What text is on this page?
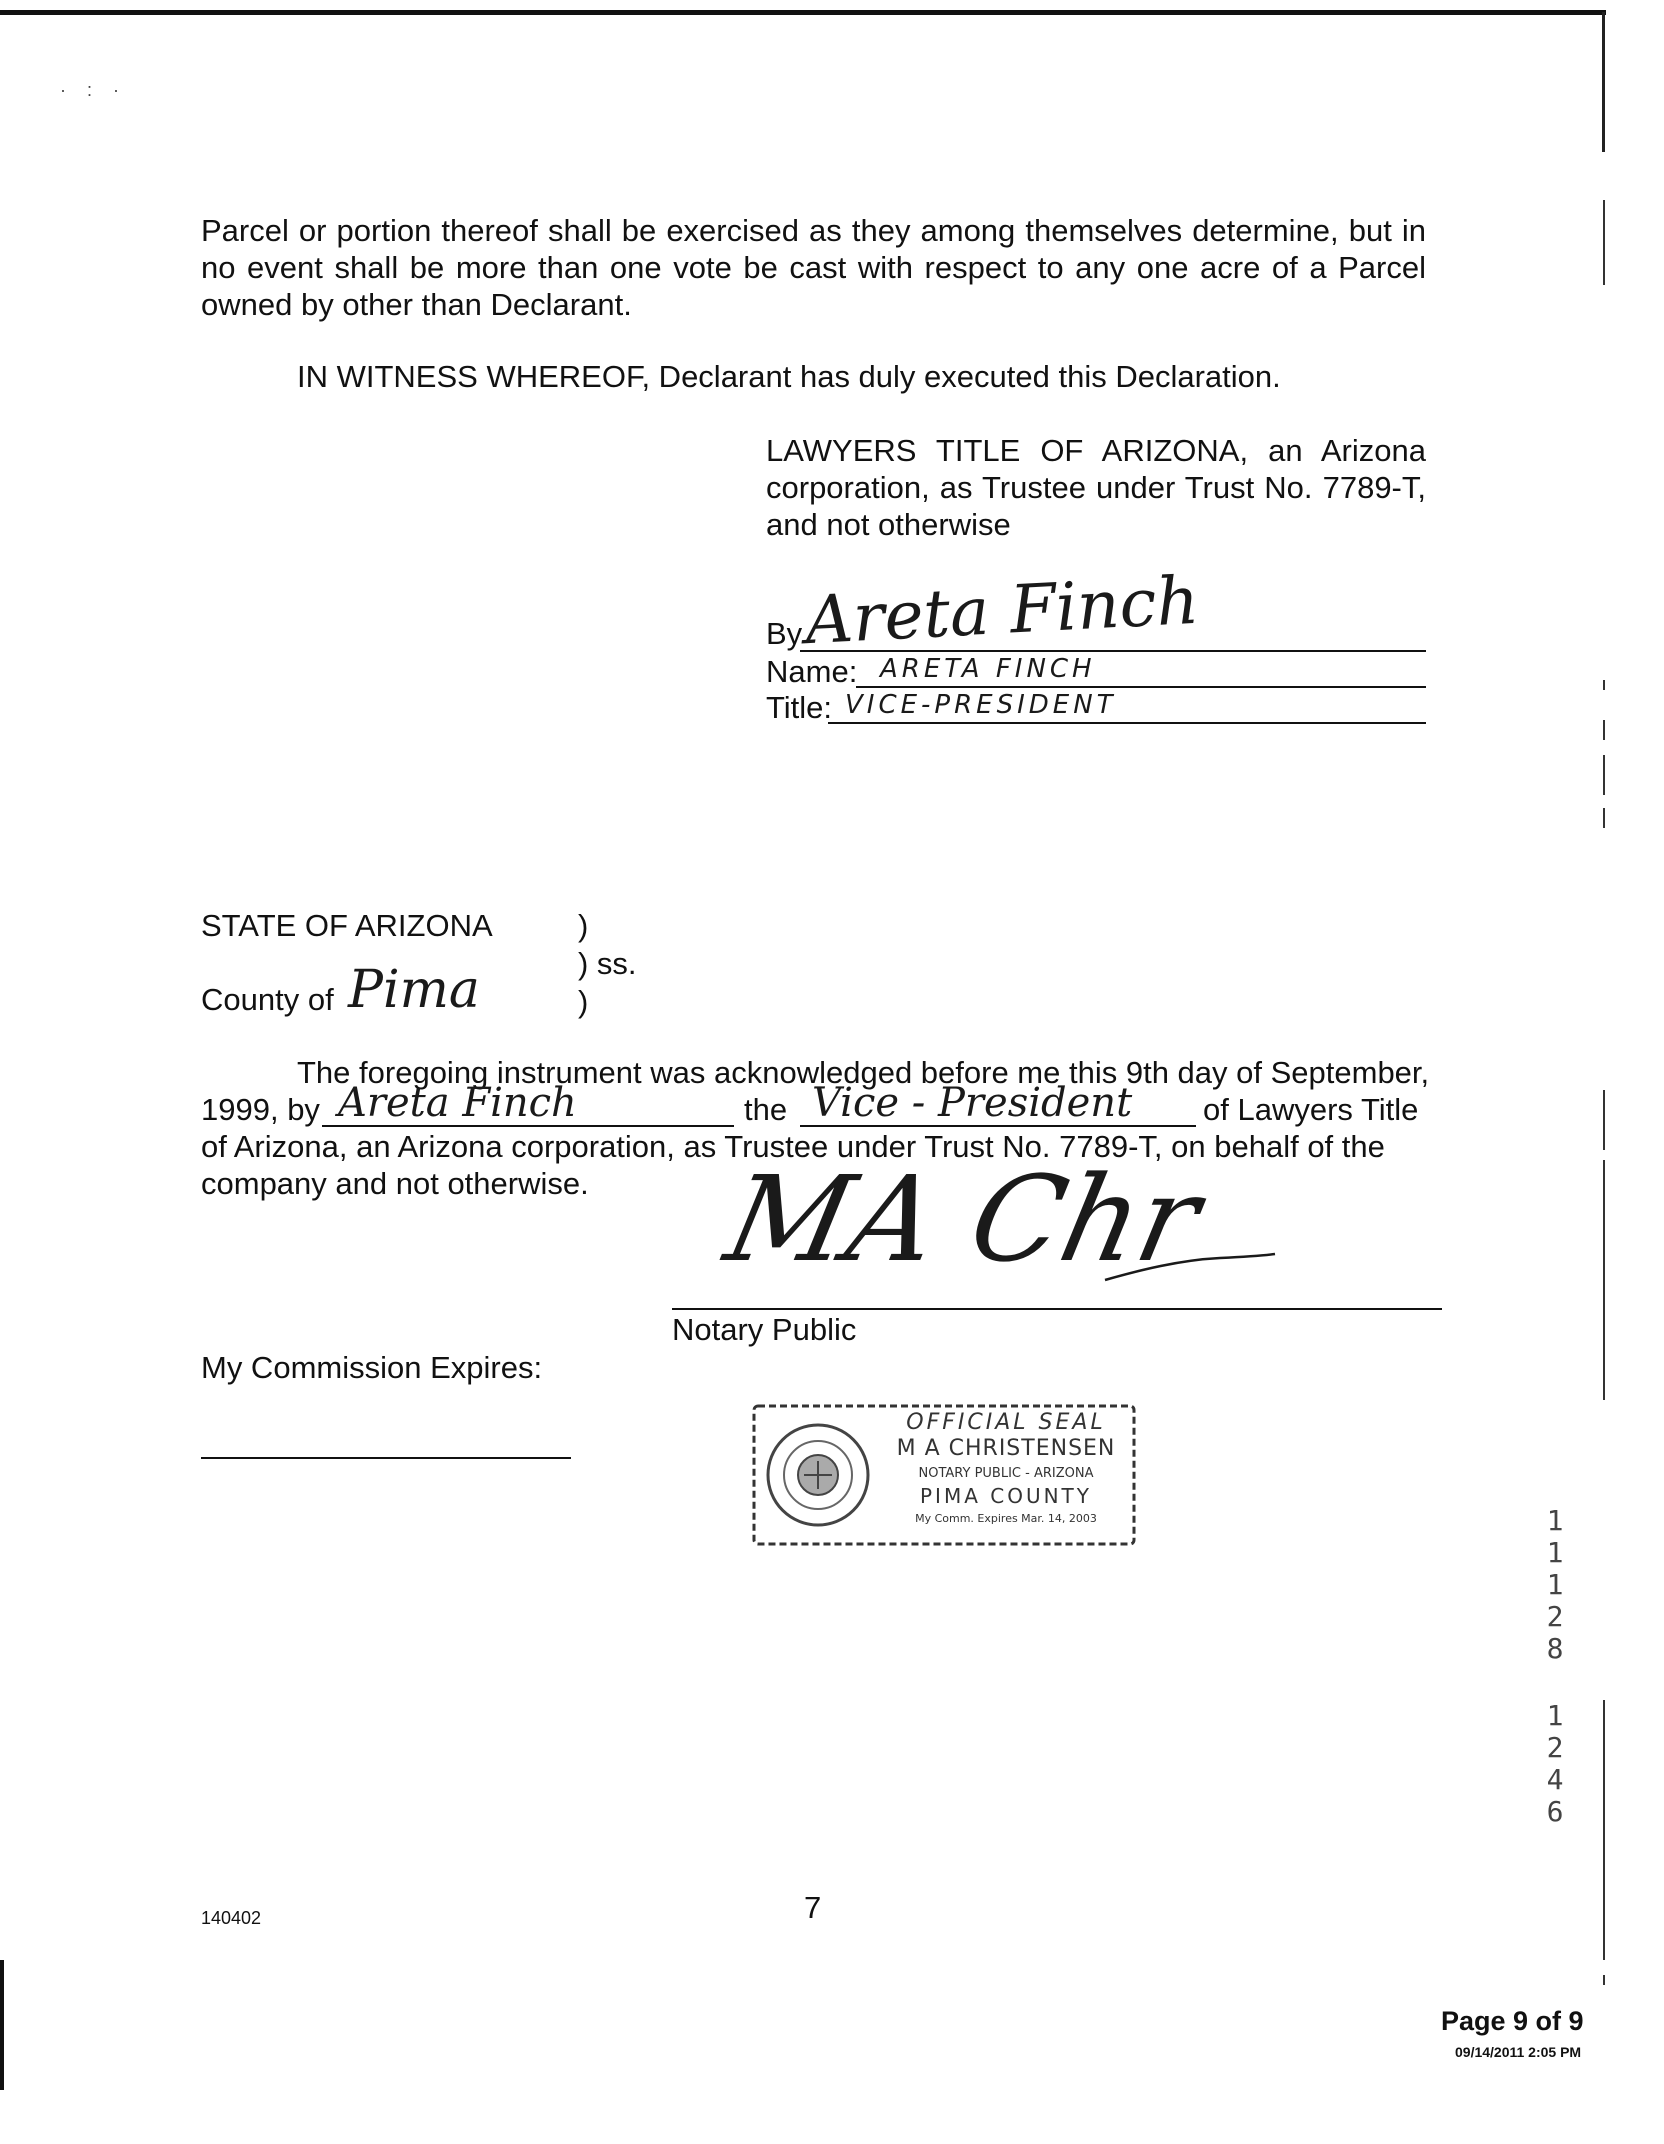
· : ·
Parcel or portion thereof shall be exercised as they among themselves determine, but in no event shall be more than one vote be cast with respect to any one acre of a Parcel owned by other than Declarant.
IN WITNESS WHEREOF, Declarant has duly executed this Declaration.
LAWYERS TITLE OF ARIZONA, an Arizona corporation, as Trustee under Trust No. 7789-T, and not otherwise
By Areta Finch
Name: ARETA FINCH
Title: VICE-PRESIDENT
STATE OF ARIZONA	)
) ss.
County of Pima	)
The foregoing instrument was acknowledged before me this 9th day of September,
1999, by Areta Finch	the Vice - President of Lawyers Title
of Arizona, an Arizona corporation, as Trustee under Trust No. 7789-T, on behalf of the
company and not otherwise. MA Chr
Notary Public
My Commission Expires:
OFFICIAL SEAL
M A CHRISTENSEN
NOTARY PUBLIC - ARIZONA
PIMA COUNTY
My Comm. Expires Mar. 14, 2003	1
1
1
2
8
1
2
4
6
140402	7
Page 9 of 9
09/14/2011 2:05 PM
